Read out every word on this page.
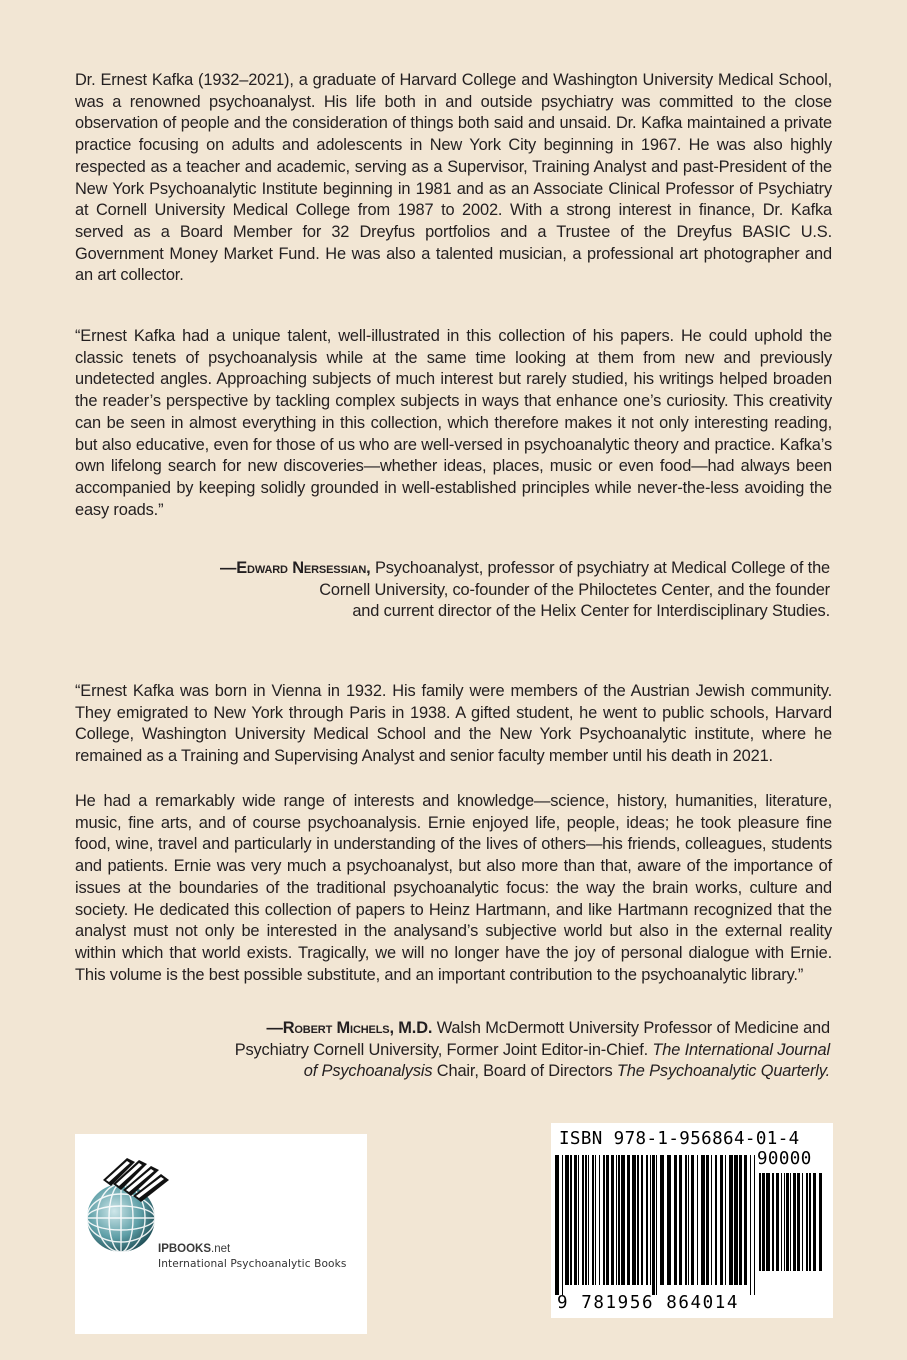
Dr. Ernest Kafka (1932–2021), a graduate of Harvard College and Washington University Medical School, was a renowned psychoanalyst. His life both in and outside psychiatry was committed to the close observation of people and the consideration of things both said and unsaid. Dr. Kafka maintained a private practice focusing on adults and adolescents in New York City beginning in 1967. He was also highly respected as a teacher and academic, serving as a Supervisor, Training Analyst and past-President of the New York Psychoanalytic Institute beginning in 1981 and as an Associate Clinical Professor of Psychiatry at Cornell University Medical College from 1987 to 2002. With a strong interest in finance, Dr. Kafka served as a Board Member for 32 Dreyfus portfolios and a Trustee of the Dreyfus BASIC U.S. Government Money Market Fund. He was also a talented musician, a professional art photographer and an art collector.

“Ernest Kafka had a unique talent, well-illustrated in this collection of his papers. He could uphold the classic tenets of psychoanalysis while at the same time looking at them from new and previously undetected angles. Approaching subjects of much interest but rarely studied, his writings helped broaden the reader’s perspective by tackling complex subjects in ways that enhance one’s curiosity. This creativity can be seen in almost everything in this collection, which therefore makes it not only interesting reading, but also educative, even for those of us who are well-versed in psychoanalytic theory and practice. Kafka’s own lifelong search for new discoveries—whether ideas, places, music or even food—had always been accompanied by keeping solidly grounded in well-established principles while never-the-less avoiding the easy roads.”

—Edward Nersessian, Psychoanalyst, professor of psychiatry at Medical College of the
Cornell University, co-founder of the Philoctetes Center, and the founder
and current director of the Helix Center for Interdisciplinary Studies.

“Ernest Kafka was born in Vienna in 1932. His family were members of the Austrian Jewish community. They emigrated to New York through Paris in 1938. A gifted student, he went to public schools, Harvard College, Washington University Medical School and the New York Psychoanalytic institute, where he remained as a Training and Supervising Analyst and senior faculty member until his death in 2021.

He had a remarkably wide range of interests and knowledge—science, history, humanities, literature, music, fine arts, and of course psychoanalysis. Ernie enjoyed life, people, ideas; he took pleasure fine food, wine, travel and particularly in understanding of the lives of others—his friends, colleagues, students and patients. Ernie was very much a psychoanalyst, but also more than that, aware of the importance of issues at the boundaries of the traditional psychoanalytic focus: the way the brain works, culture and society. He dedicated this collection of papers to Heinz Hartmann, and like Hartmann recognized that the analyst must not only be interested in the analysand’s subjective world but also in the external reality within which that world exists. Tragically, we will no longer have the joy of personal dialogue with Ernie. This volume is the best possible substitute, and an important contribution to the psychoanalytic library.”

—Robert Michels, M.D. Walsh McDermott University Professor of Medicine and
Psychiatry Cornell University, Former Joint Editor-in-Chief. The International Journal
of Psychoanalysis Chair, Board of Directors The Psychoanalytic Quarterly.
IPBOOKS.net
International Psychoanalytic Books
ISBN 978-1-956864-01-4
90000
9 781956 864014
